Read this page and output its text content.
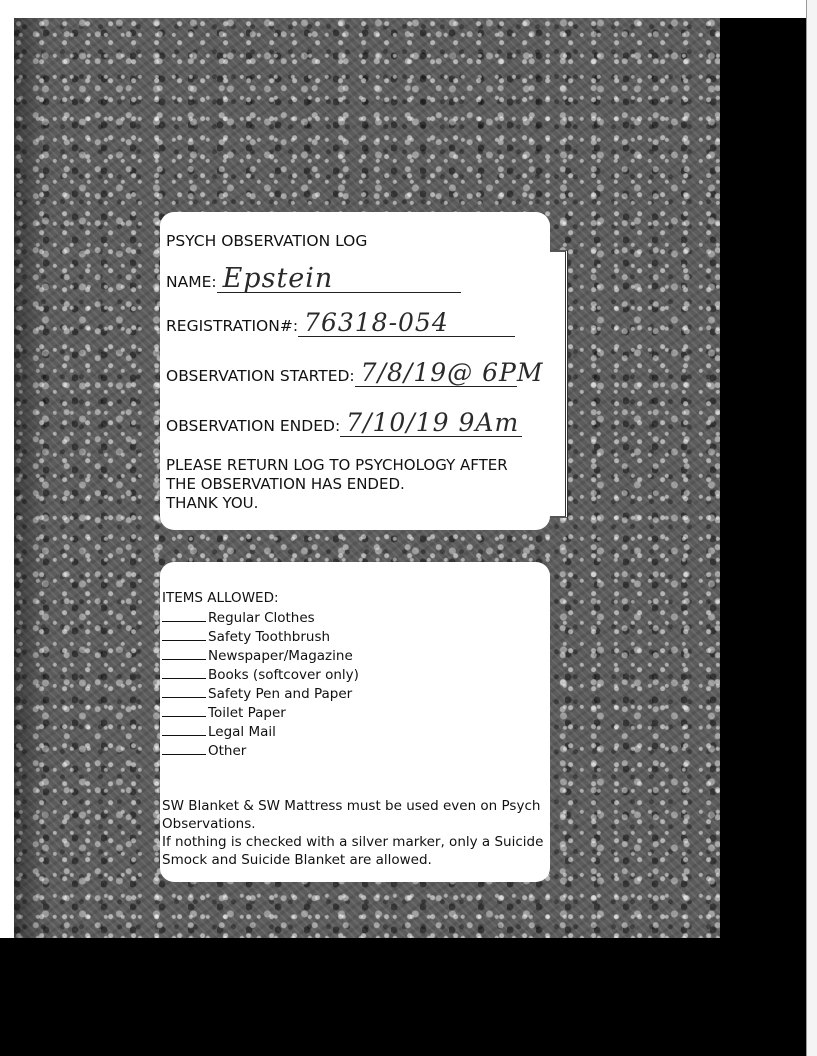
PSYCH OBSERVATION LOG
NAME: Epstein
REGISTRATION#: 76318-054
OBSERVATION STARTED: 7/8/19@ 6PM
OBSERVATION ENDED: 7/10/19 9Am
PLEASE RETURN LOG TO PSYCHOLOGY AFTER
THE OBSERVATION HAS ENDED.
THANK YOU.
ITEMS ALLOWED:
Regular Clothes
Safety Toothbrush
Newspaper/Magazine
Books (softcover only)
Safety Pen and Paper
Toilet Paper
Legal Mail
Other
SW Blanket & SW Mattress must be used even on Psych Observations.
If nothing is checked with a silver marker, only a Suicide Smock and Suicide Blanket are allowed.
